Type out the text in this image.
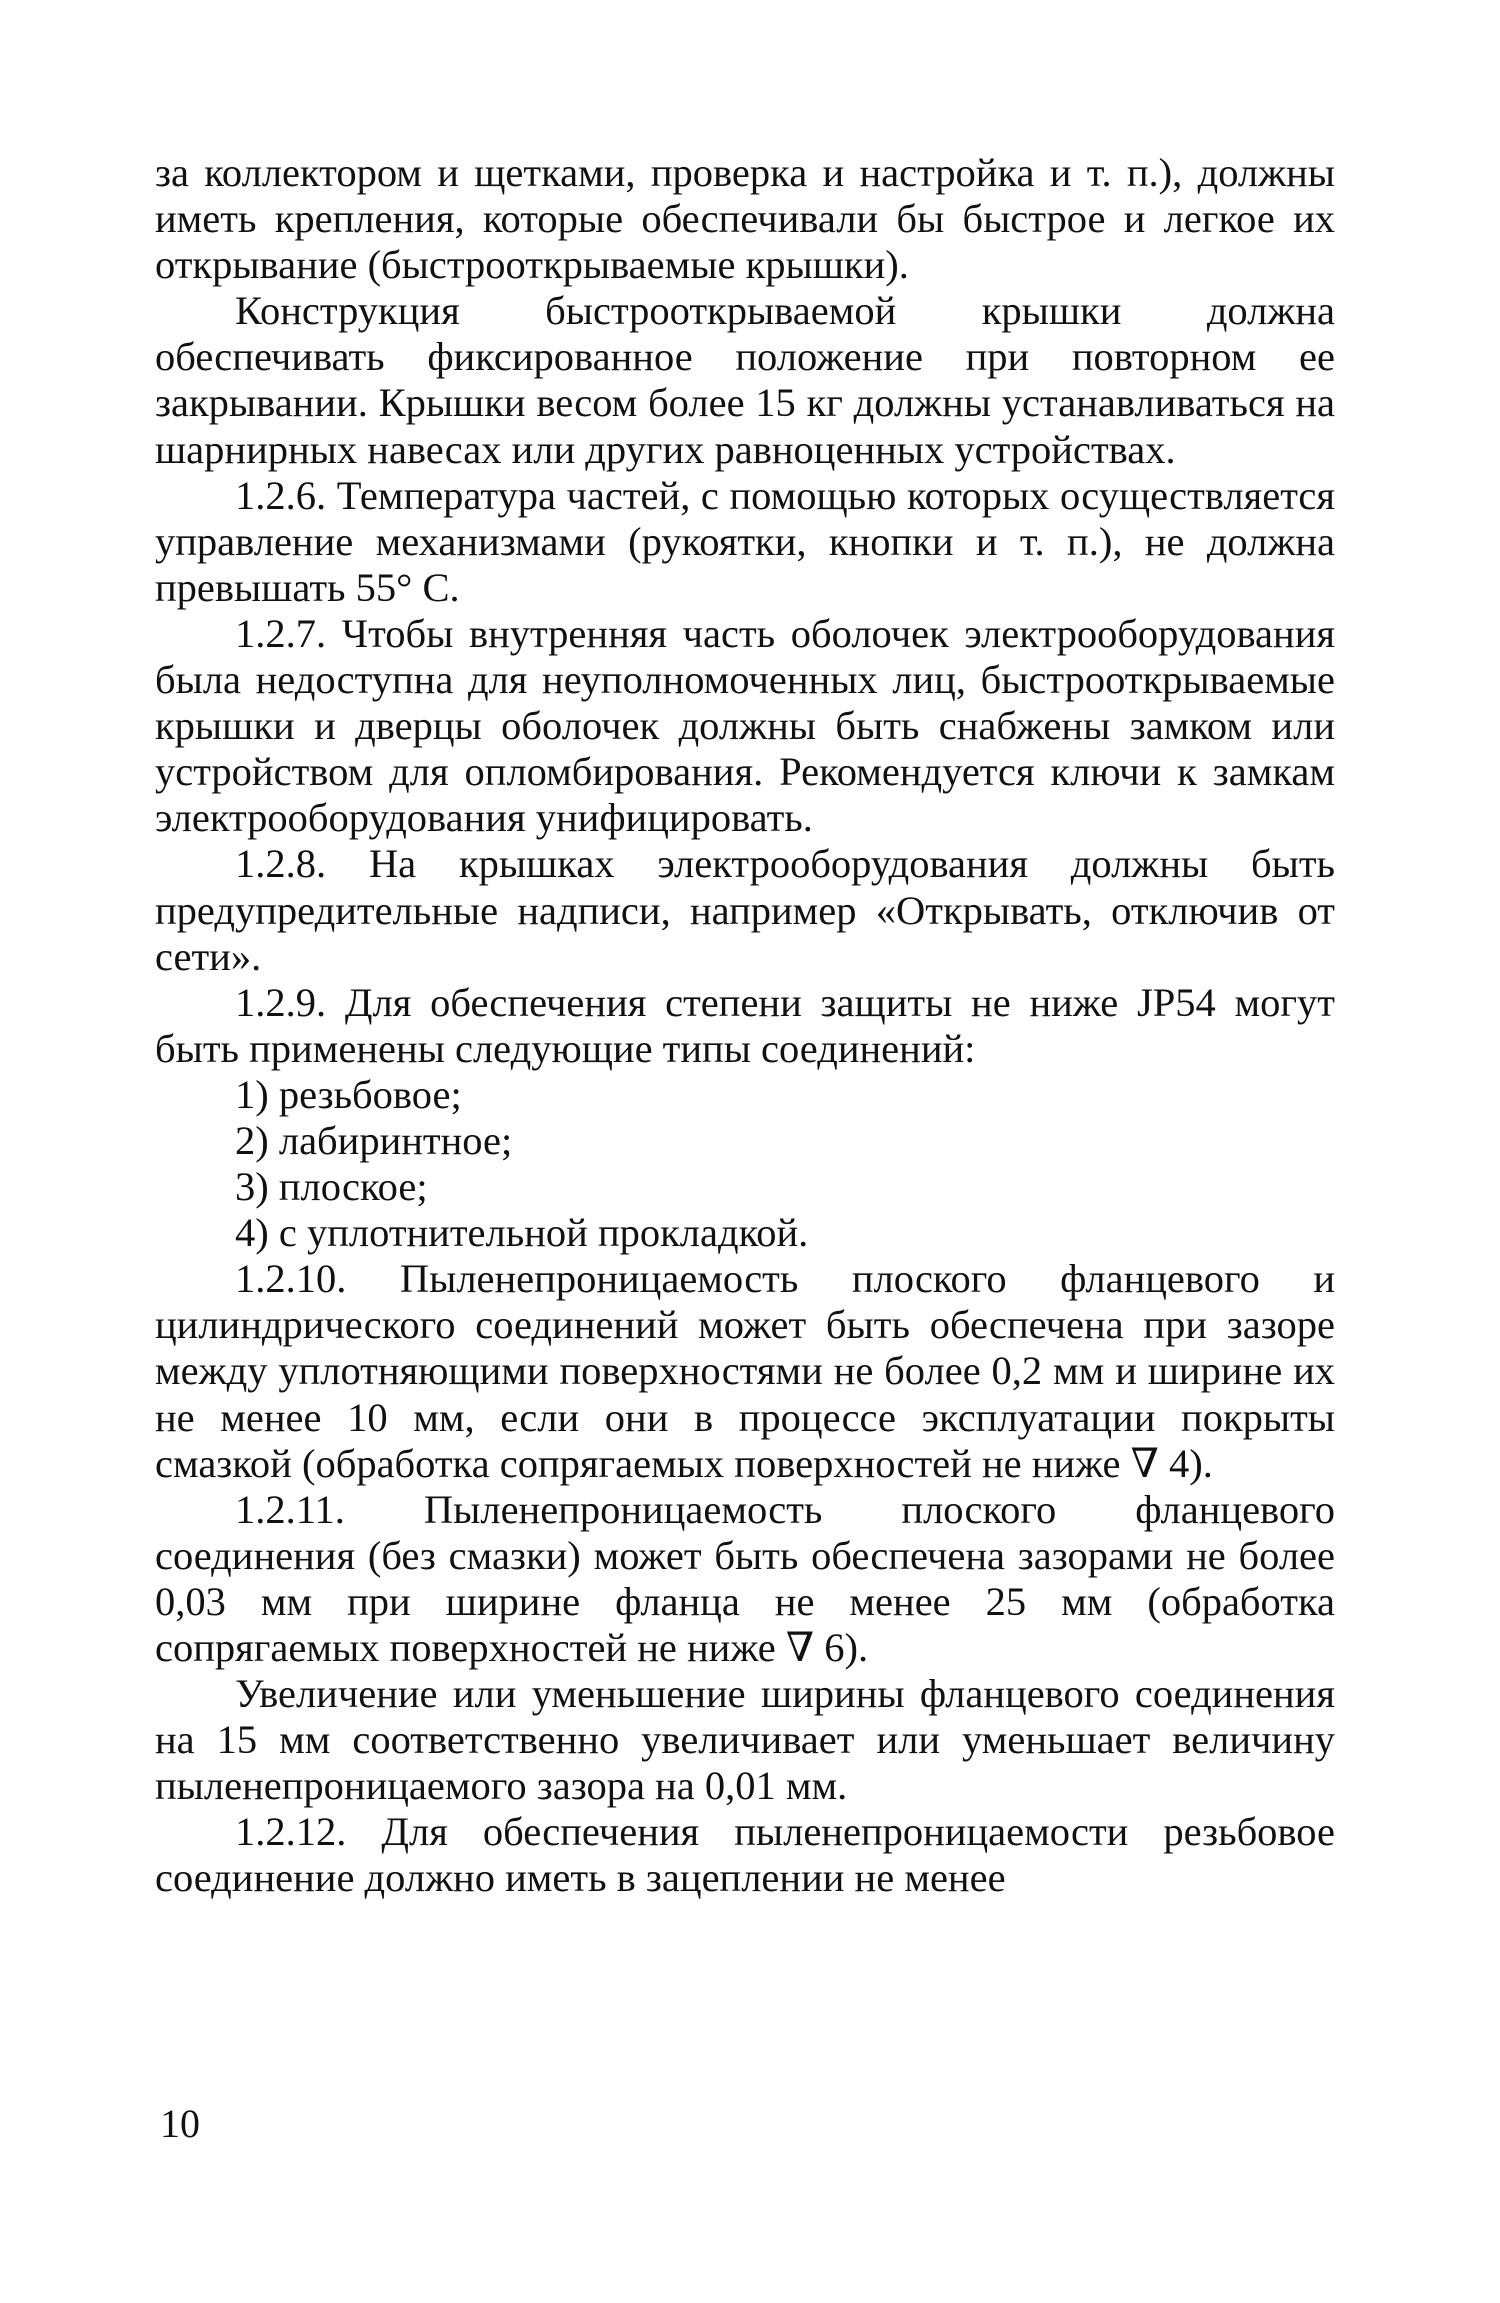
за коллектором и щетками, проверка и настройка и т. п.), должны иметь крепления, которые обеспечивали бы быстрое и легкое их открывание (быстрооткрываемые крышки).

Конструкция быстрооткрываемой крышки должна обеспечивать фиксированное положение при повторном ее закрывании. Крышки весом более 15 кг должны устанавливаться на шарнирных навесах или других равноценных устройствах.

1.2.6. Температура частей, с помощью которых осуществляется управление механизмами (рукоятки, кнопки и т. п.), не должна превышать 55° С.

1.2.7. Чтобы внутренняя часть оболочек электрооборудования была недоступна для неуполномоченных лиц, быстрооткрываемые крышки и дверцы оболочек должны быть снабжены замком или устройством для опломбирования. Рекомендуется ключи к замкам электрооборудования унифицировать.

1.2.8. На крышках электрооборудования должны быть предупредительные надписи, например «Открывать, отключив от сети».

1.2.9. Для обеспечения степени защиты не ниже JP54 могут быть применены следующие типы соединений:

1) резьбовое;

2) лабиринтное;

3) плоское;

4) с уплотнительной прокладкой.

1.2.10. Пыленепроницаемость плоского фланцевого и цилиндрического соединений может быть обеспечена при зазоре между уплотняющими поверхностями не более 0,2 мм и ширине их не менее 10 мм, если они в процессе эксплуатации покрыты смазкой (обработка сопрягаемых поверхностей не ниже ∇ 4).

1.2.11. Пыленепроницаемость плоского фланцевого соединения (без смазки) может быть обеспечена зазорами не более 0,03 мм при ширине фланца не менее 25 мм (обработка сопрягаемых поверхностей не ниже ∇ 6).

Увеличение или уменьшение ширины фланцевого соединения на 15 мм соответственно увеличивает или уменьшает величину пыленепроницаемого зазора на 0,01 мм.

1.2.12. Для обеспечения пыленепроницаемости резьбовое соединение должно иметь в зацеплении не менее

10
